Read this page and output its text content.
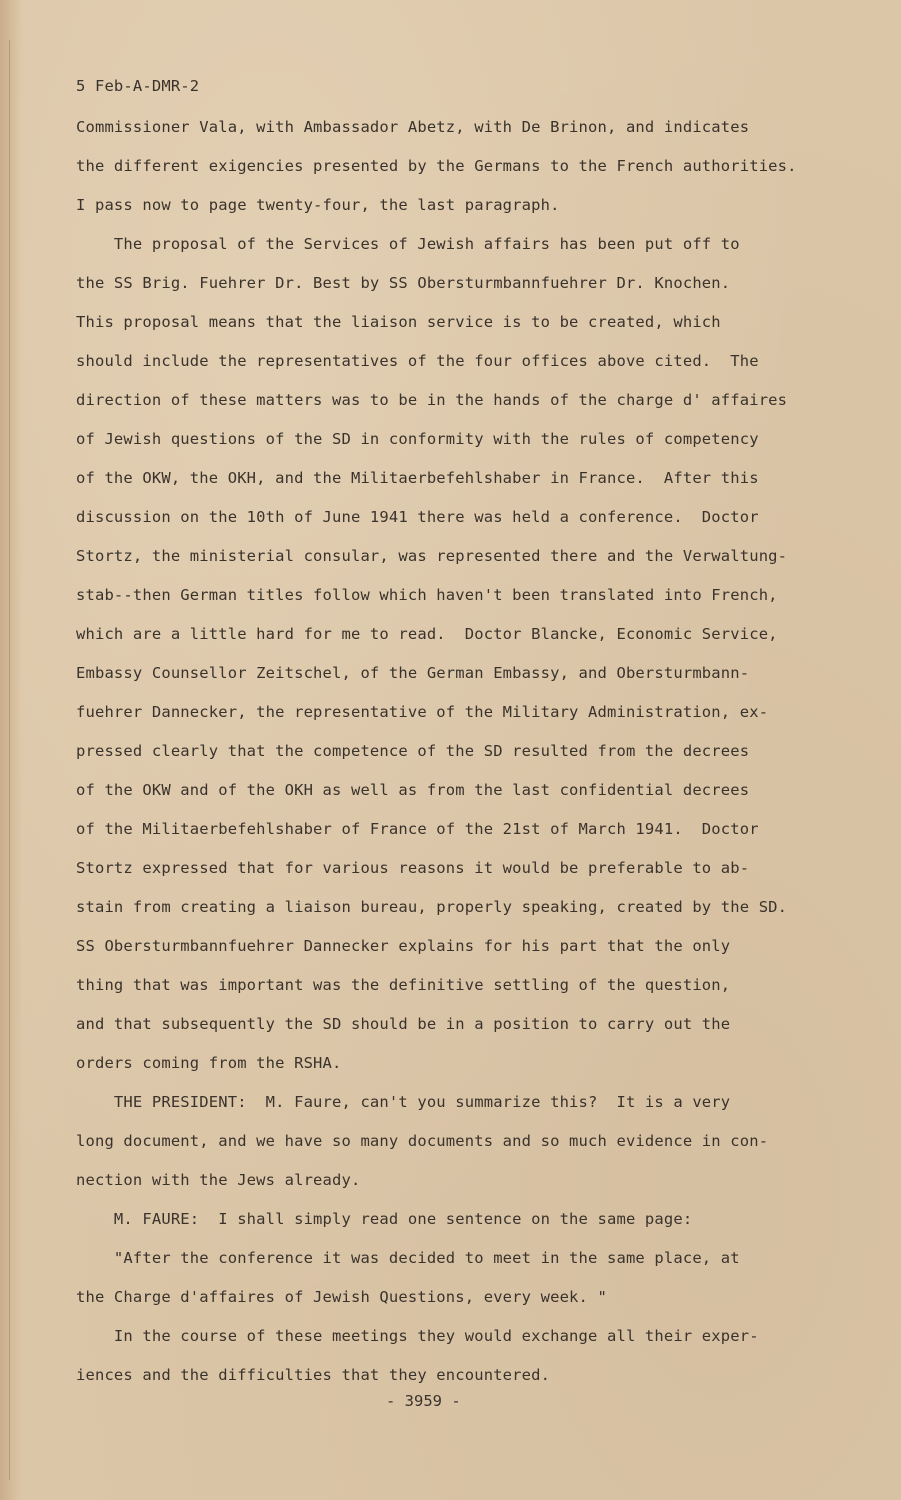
5 Feb-A-DMR-2
Commissioner Vala, with Ambassador Abetz, with De Brinon, and indicates
the different exigencies presented by the Germans to the French authorities.
I pass now to page twenty-four, the last paragraph.
The proposal of the Services of Jewish affairs has been put off to
the SS Brig. Fuehrer Dr. Best by SS Obersturmbannfuehrer Dr. Knochen.
This proposal means that the liaison service is to be created, which
should include the representatives of the four offices above cited.  The
direction of these matters was to be in the hands of the charge d' affaires
of Jewish questions of the SD in conformity with the rules of competency
of the OKW, the OKH, and the Militaerbefehlshaber in France.  After this
discussion on the 10th of June 1941 there was held a conference.  Doctor
Stortz, the ministerial consular, was represented there and the Verwaltung-
stab--then German titles follow which haven't been translated into French,
which are a little hard for me to read.  Doctor Blancke, Economic Service,
Embassy Counsellor Zeitschel, of the German Embassy, and Obersturmbann-
fuehrer Dannecker, the representative of the Military Administration, ex-
pressed clearly that the competence of the SD resulted from the decrees
of the OKW and of the OKH as well as from the last confidential decrees
of the Militaerbefehlshaber of France of the 21st of March 1941.  Doctor
Stortz expressed that for various reasons it would be preferable to ab-
stain from creating a liaison bureau, properly speaking, created by the SD.
SS Obersturmbannfuehrer Dannecker explains for his part that the only
thing that was important was the definitive settling of the question,
and that subsequently the SD should be in a position to carry out the
orders coming from the RSHA.
THE PRESIDENT:  M. Faure, can't you summarize this?  It is a very
long document, and we have so many documents and so much evidence in con-
nection with the Jews already.
M. FAURE:  I shall simply read one sentence on the same page:
"After the conference it was decided to meet in the same place, at
the Charge d'affaires of Jewish Questions, every week. "
In the course of these meetings they would exchange all their exper-
iences and the difficulties that they encountered.
- 3959 -
